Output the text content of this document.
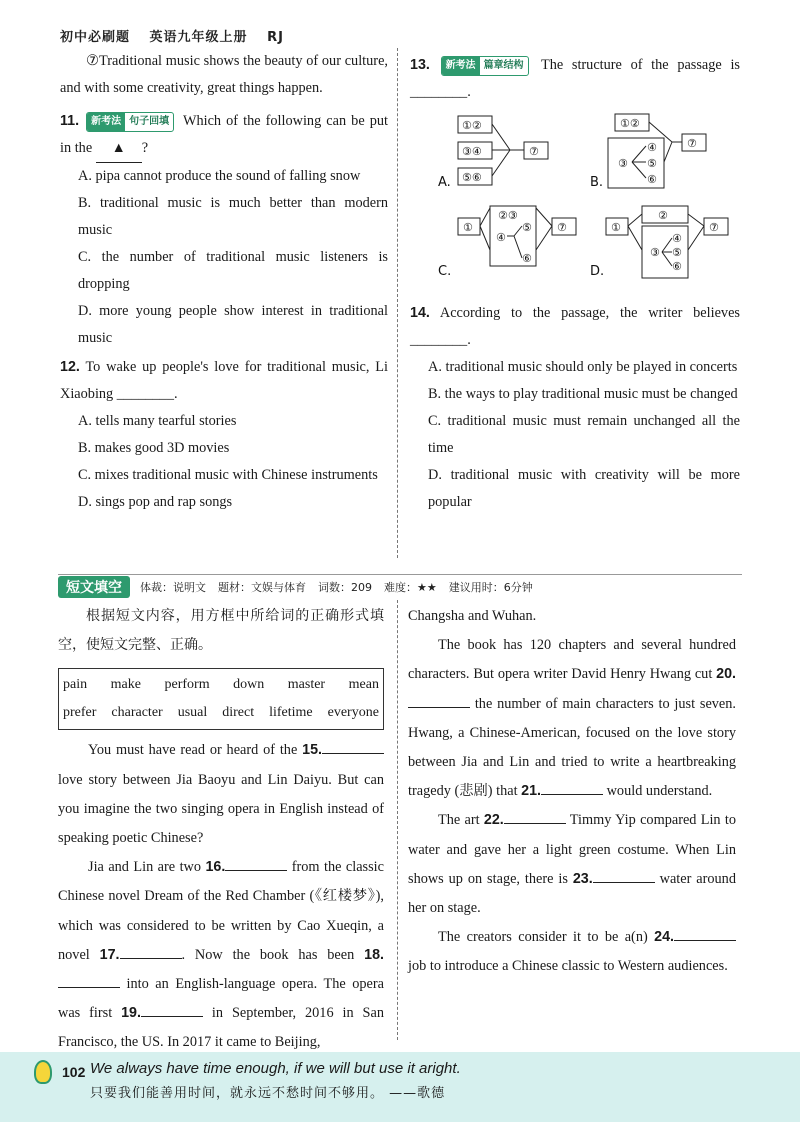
初中必刷题 英语九年级上册 RJ

⑦Traditional music shows the beauty of our culture, and with some creativity, great things happen.

11. 新考法 句子回填 Which of the following can be put in the ▲ ?

A. pipa cannot produce the sound of falling snow

B. traditional music is much better than modern music

C. the number of traditional music listeners is dropping

D. more young people show interest in traditional music

12. To wake up people's love for traditional music, Li Xiaobing ________.

A. tells many tearful stories

B. makes good 3D movies

C. mixes traditional music with Chinese instruments

D. sings pop and rap songs

13. 新考法 篇章结构 The structure of the passage is ________.

①②
③④
⑤⑥
⑦
①②
④
③ ⑤
⑥
⑦
①
②③
④
⑤
⑥
⑦	①
②
④
③ ⑤
⑥
⑦
A.	B.
C.	D.

14. According to the passage, the writer believes ________.

A. traditional music should only be played in concerts

B. the ways to play traditional music must be changed

C. traditional music must remain unchanged all the time

D. traditional music with creativity will be more popular

短文填空	体裁：说明文 题材：文娱与体育 词数：209 难度：★★ 建议用时：6分钟

根据短文内容，用方框中所给词的正确形式填空，使短文完整、正确。

pain make perform down master mean
prefer character usual direct lifetime everyone

You must have read or heard of the 15. love story between Jia Baoyu and Lin Daiyu. But can you imagine the two singing opera in English instead of speaking poetic Chinese?

Jia and Lin are two 16.	from the classic Chinese novel Dream of the Red Chamber (《红楼梦》), which was considered to be written by Cao Xueqin, a novel 17.	. Now the book has been 18. into an English-language opera. The opera was first 19.	in September, 2016 in San Francisco, the US. In 2017 it came to Beijing,

Changsha and Wuhan.

The book has 120 chapters and several hundred characters. But opera writer David Henry Hwang cut 20. the number of main characters to just seven. Hwang, a Chinese-American, focused on the love story between Jia and Lin and tried to write a heartbreaking tragedy (悲剧) that 21.	would understand.

The art 22.	Timmy Yip compared Lin to water and gave her a light green costume. When Lin shows up on stage, there is 23.	water around her on stage.

The creators consider it to be a(n) 24. job to introduce a Chinese classic to Western audiences.

102 We always have time enough, if we will but use it aright.
只要我们能善用时间，就永远不愁时间不够用。 ——歌德
